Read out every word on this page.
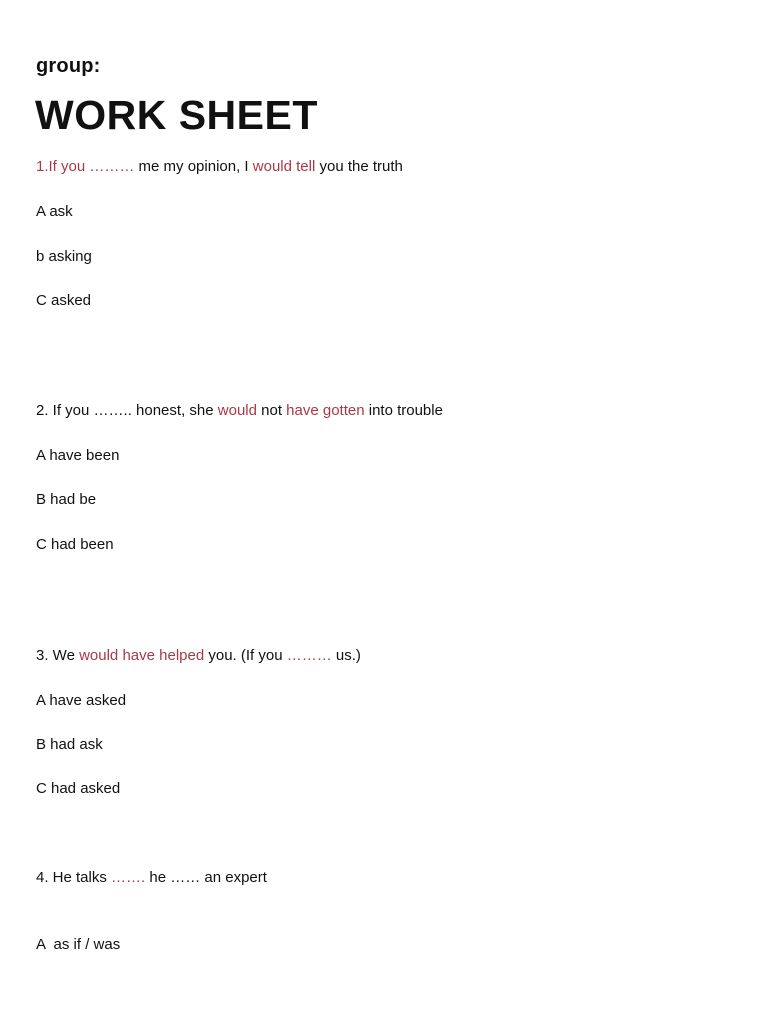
group:
WORK SHEET
1.If you ……… me my opinion, I would tell you the truth
A ask
b asking
C asked
2. If you …….. honest, she would not have gotten into trouble
A have been
B had be
C had been
3. We would have helped you. (If you ……… us.)
A have asked
B had ask
C had asked
4. He talks ……. he …… an expert
A  as if / was
